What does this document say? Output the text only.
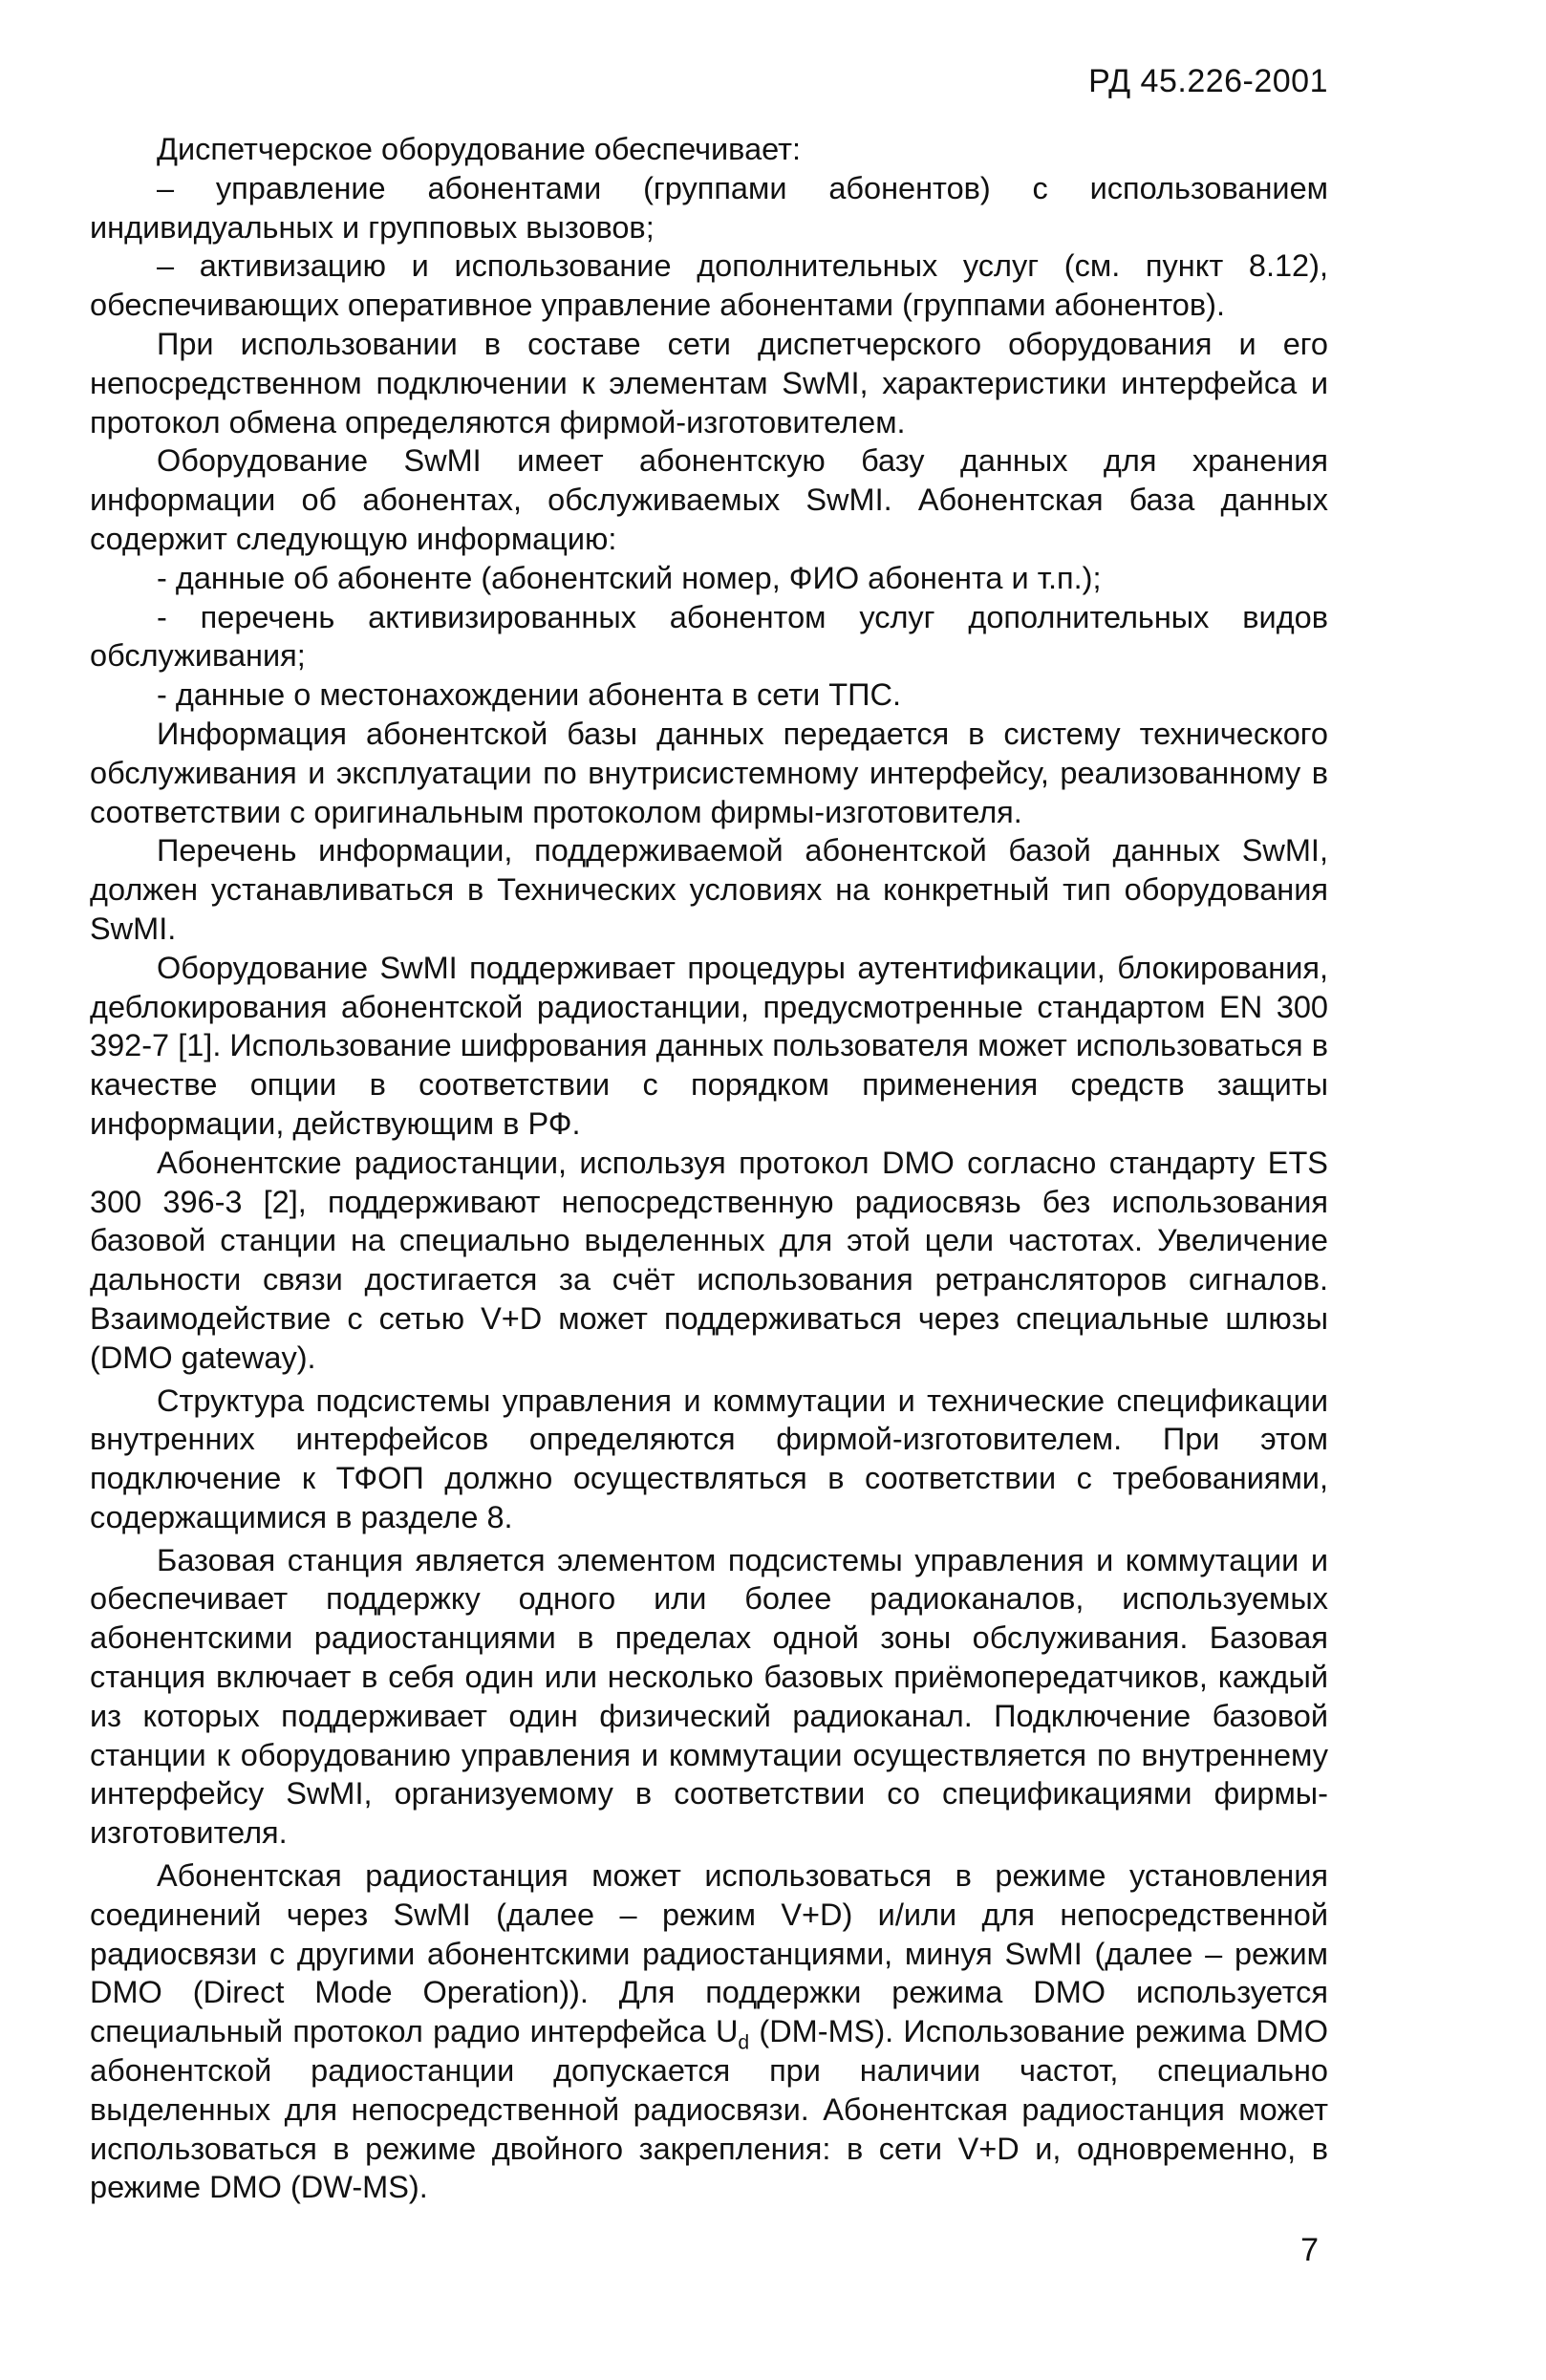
РД 45.226-2001

Диспетчерское оборудование обеспечивает:

– управление абонентами (группами абонентов) с использованием индивидуальных и групповых вызовов;

– активизацию и использование дополнительных услуг (см. пункт 8.12), обеспечивающих оперативное управление абонентами (группами абонентов).

При использовании в составе сети диспетчерского оборудования и его непосредственном подключении к элементам SwMI, характеристики интерфейса и протокол обмена определяются фирмой-изготовителем.

Оборудование SwMI имеет абонентскую базу данных для хранения информации об абонентах, обслуживаемых SwMI. Абонентская база данных содержит следующую информацию:

- данные об абоненте (абонентский номер, ФИО абонента и т.п.);

- перечень активизированных абонентом услуг дополнительных видов обслуживания;

- данные о местонахождении абонента в сети ТПС.

Информация абонентской базы данных передается в систему технического обслуживания и эксплуатации по внутрисистемному интерфейсу, реализованному в соответствии с оригинальным протоколом фирмы-изготовителя.

Перечень информации, поддерживаемой абонентской базой данных SwMI, должен устанавливаться в Технических условиях на конкретный тип оборудования SwMI.

Оборудование SwMI поддерживает процедуры аутентификации, блокирования, деблокирования абонентской радиостанции, предусмотренные стандартом EN 300 392-7 [1]. Использование шифрования данных пользователя может использоваться в качестве опции в соответствии с порядком применения средств защиты информации, действующим в РФ.

Абонентские радиостанции, используя протокол DMO согласно стандарту ETS 300 396-3 [2], поддерживают непосредственную радиосвязь без использования базовой станции на специально выделенных для этой цели частотах. Увеличение дальности связи достигается за счёт использования ретрансляторов сигналов. Взаимодействие с сетью V+D может поддерживаться через специальные шлюзы (DMO gateway).

Структура подсистемы управления и коммутации и технические спецификации внутренних интерфейсов определяются фирмой-изготовителем. При этом подключение к ТФОП должно осуществляться в соответствии с требованиями, содержащимися в разделе 8.

Базовая станция является элементом подсистемы управления и коммутации и обеспечивает поддержку одного или более радиоканалов, используемых абонентскими радиостанциями в пределах одной зоны обслуживания. Базовая станция включает в себя один или несколько базовых приёмопередатчиков, каждый из которых поддерживает один физический радиоканал. Подключение базовой станции к оборудованию управления и коммутации осуществляется по внутреннему интерфейсу SwMI, организуемому в соответствии со спецификациями фирмы-изготовителя.

Абонентская радиостанция может использоваться в режиме установления соединений через SwMI (далее – режим V+D) и/или для непосредственной радиосвязи с другими абонентскими радиостанциями, минуя SwMI (далее – режим DMO (Direct Mode Operation)). Для поддержки режима DMO используется специальный протокол радио интерфейса $U_d$ (DM-MS). Использование режима DMO абонентской радиостанции допускается при наличии частот, специально выделенных для непосредственной радиосвязи. Абонентская радиостанция может использоваться в режиме двойного закрепления: в сети V+D и, одновременно, в режиме DMO (DW-MS).

7
